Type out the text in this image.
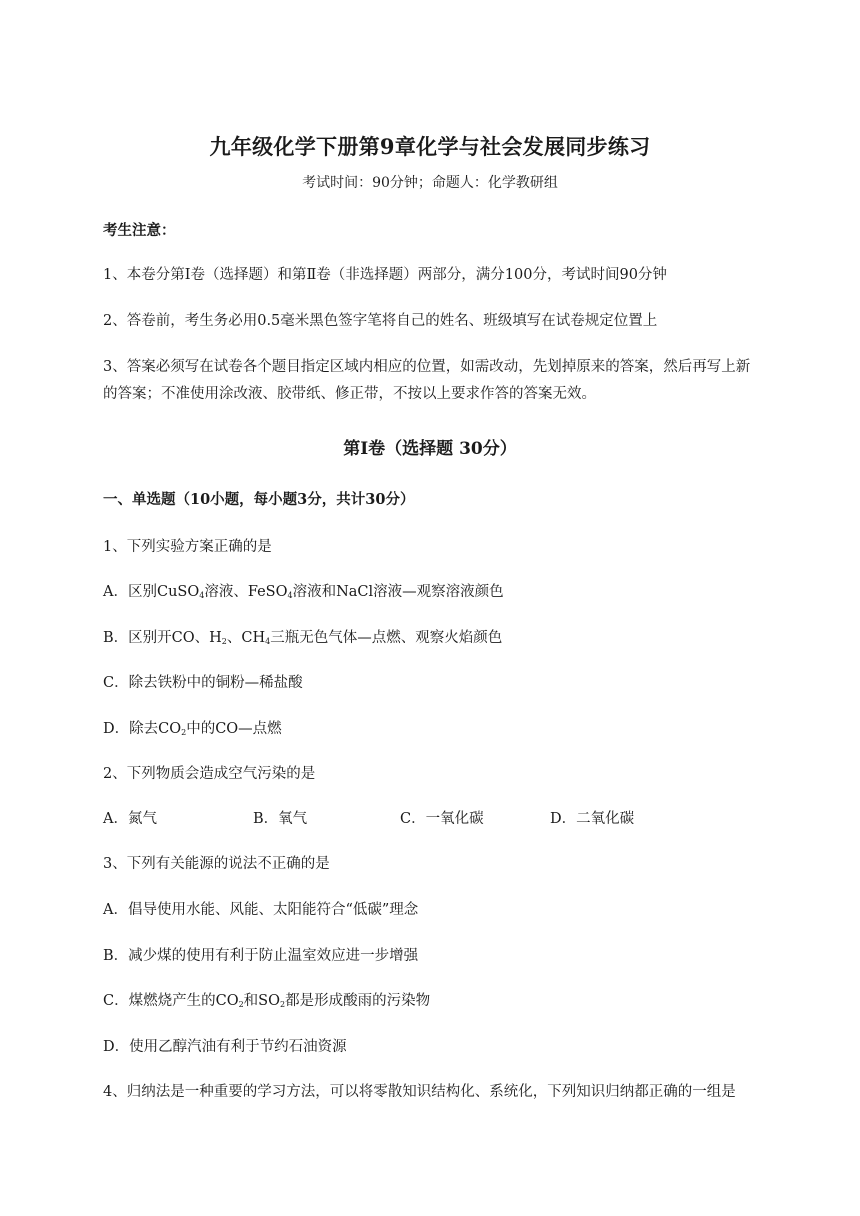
九年级化学下册第9章化学与社会发展同步练习
考试时间：90分钟；命题人：化学教研组
考生注意：
1、本卷分第Ⅰ卷（选择题）和第Ⅱ卷（非选择题）两部分，满分100分，考试时间90分钟
2、答卷前，考生务必用0.5毫米黑色签字笔将自己的姓名、班级填写在试卷规定位置上
3、答案必须写在试卷各个题目指定区域内相应的位置，如需改动，先划掉原来的答案，然后再写上新
的答案；不准使用涂改液、胶带纸、修正带，不按以上要求作答的答案无效。
第Ⅰ卷（选择题 30分）
一、单选题（10小题，每小题3分，共计30分）
1、下列实验方案正确的是
A．区别CuSO$_4$溶液、FeSO$_4$溶液和NaCl溶液—观察溶液颜色
B．区别开CO、$H_2$、$CH_4$三瓶无色气体—点燃、观察火焰颜色
C．除去铁粉中的铜粉—稀盐酸
D．除去$CO_2$中的CO—点燃
2、下列物质会造成空气污染的是
A．氮气	B．氧气	C．一氧化碳	D．二氧化碳
3、下列有关能源的说法不正确的是
A．倡导使用水能、风能、太阳能符合“低碳”理念
B．减少煤的使用有利于防止温室效应进一步增强
C．煤燃烧产生的$CO_2$和$SO_2$都是形成酸雨的污染物
D．使用乙醇汽油有利于节约石油资源
4、归纳法是一种重要的学习方法，可以将零散知识结构化、系统化，下列知识归纳都正确的一组是
